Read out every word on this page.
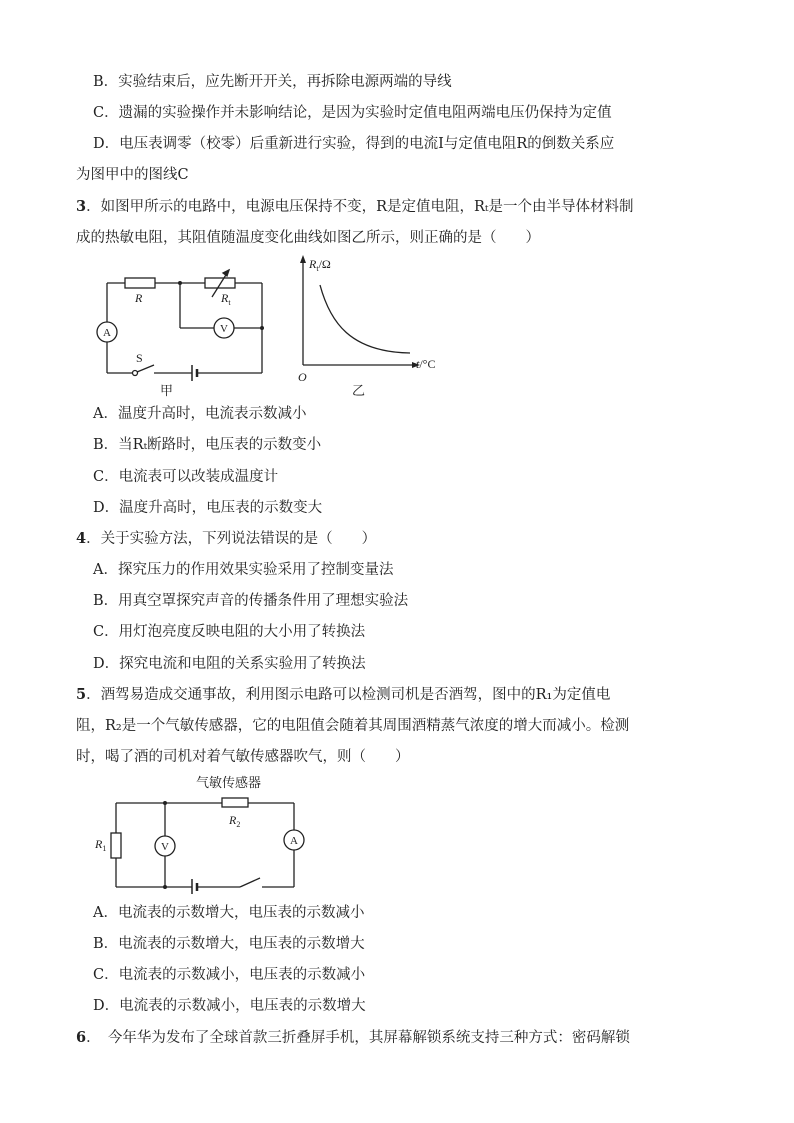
B．实验结束后，应先断开开关，再拆除电源两端的导线
C．遗漏的实验操作并未影响结论，是因为实验时定值电阻两端电压仍保持为定值
D．电压表调零（校零）后重新进行实验，得到的电流I与定值电阻R的倒数关系应
为图甲中的图线C
3．如图甲所示的电路中，电源电压保持不变，R是定值电阻，Rₜ是一个由半导体材料制
成的热敏电阻，其阻值随温度变化曲线如图乙所示，则正确的是（　　）
R	$R_t$
A	V
S
甲
$R_t/\Omega$
t/°C
O
乙
A．温度升高时，电流表示数减小
B．当Rₜ断路时，电压表的示数变小
C．电流表可以改装成温度计
D．温度升高时，电压表的示数变大
4．关于实验方法，下列说法错误的是（　　）
A．探究压力的作用效果实验采用了控制变量法
B．用真空罩探究声音的传播条件用了理想实验法
C．用灯泡亮度反映电阻的大小用了转换法
D．探究电流和电阻的关系实验用了转换法
5．酒驾易造成交通事故，利用图示电路可以检测司机是否酒驾，图中的R₁为定值电
阻，R₂是一个气敏传感器，它的电阻值会随着其周围酒精蒸气浓度的增大而减小。检测
时，喝了酒的司机对着气敏传感器吹气，则（　　）
气敏传感器
$R_2$
$R_1$	V	A
A．电流表的示数增大，电压表的示数减小
B．电流表的示数增大，电压表的示数增大
C．电流表的示数减小，电压表的示数减小
D．电流表的示数减小，电压表的示数增大
6．　今年华为发布了全球首款三折叠屏手机，其屏幕解锁系统支持三种方式：密码解锁
